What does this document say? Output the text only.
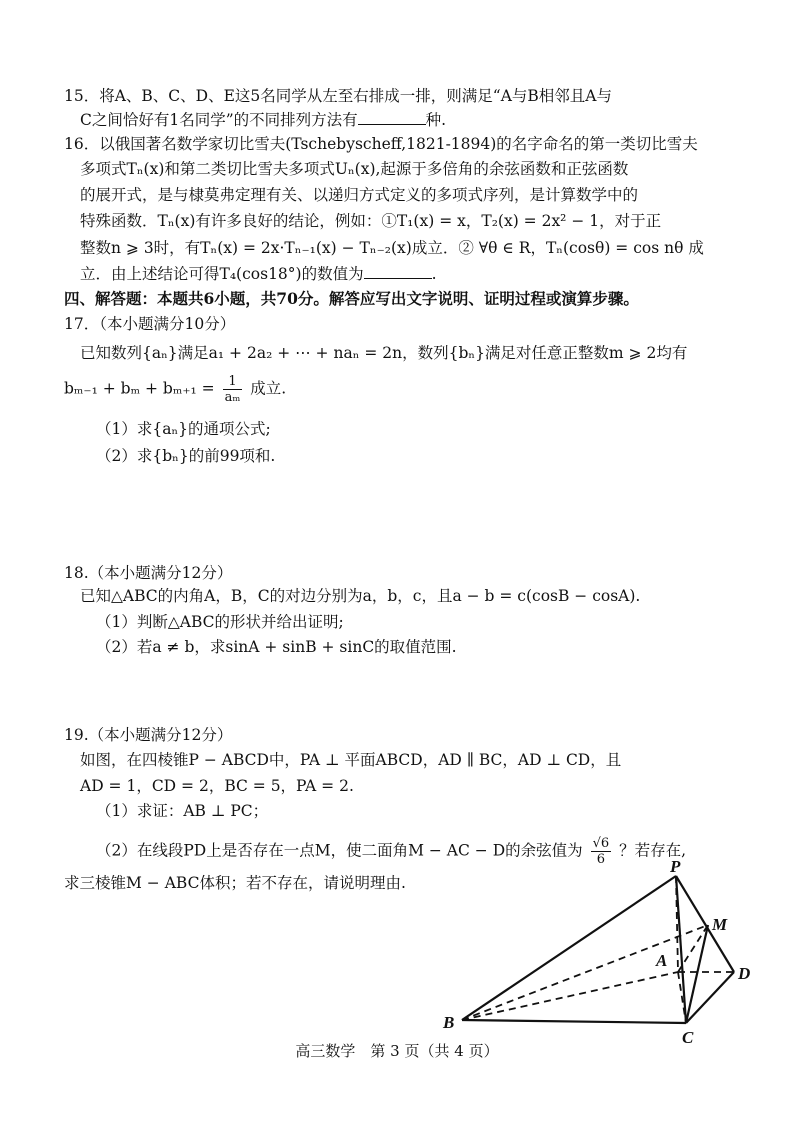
15．将A、B、C、D、E这5名同学从左至右排成一排，则满足“A与B相邻且A与
C之间恰好有1名同学”的不同排列方法有	种.
16．以俄国著名数学家切比雪夫(Tschebyscheff,1821-1894)的名字命名的第一类切比雪夫
多项式Tₙ(x)和第二类切比雪夫多项式Uₙ(x),起源于多倍角的余弦函数和正弦函数
的展开式，是与棣莫弗定理有关、以递归方式定义的多项式序列，是计算数学中的
特殊函数．Tₙ(x)有许多良好的结论，例如：①T₁(x) = x，T₂(x) = 2x² − 1，对于正
整数n ⩾ 3时，有Tₙ(x) = 2x·Tₙ₋₁(x) − Tₙ₋₂(x)成立．② ∀θ ∈ R，Tₙ(cosθ) = cos nθ 成
立．由上述结论可得T₄(cos18°)的数值为	.
四、解答题：本题共6小题，共70分。解答应写出文字说明、证明过程或演算步骤。
17．（本小题满分10分）
已知数列{aₙ}满足a₁ + 2a₂ + ⋯ + naₙ = 2n，数列{bₙ}满足对任意正整数m ⩾ 2均有
$b_{m-1} + b_m + b_{m+1} = \frac{1}{\text{aₘ}}$ 成立.
（1）求{aₙ}的通项公式;
（2）求{bₙ}的前99项和.
18.（本小题满分12分）
已知△ABC的内角A，B，C的对边分别为a，b，c，且a − b = c(cosB − cosA).
（1）判断△ABC的形状并给出证明;
（2）若a ≠ b，求sinA + sinB + sinC的取值范围.
19.（本小题满分12分）
如图，在四棱锥P − ABCD中，PA ⊥ 平面ABCD，AD ∥ BC，AD ⊥ CD，且
AD = 1，CD = 2，BC = 5，PA = 2.
（1）求证：AB ⊥ PC；
（2）在线段PD上是否存在一点M，使二面角M − AC − D的余弦值为 $\frac{√6}{6}$ ？若存在,
求三棱锥M − ABC体积；若不存在，请说明理由.
P
M
A
D
B
C
高三数学　第 3 页（共 4 页）
